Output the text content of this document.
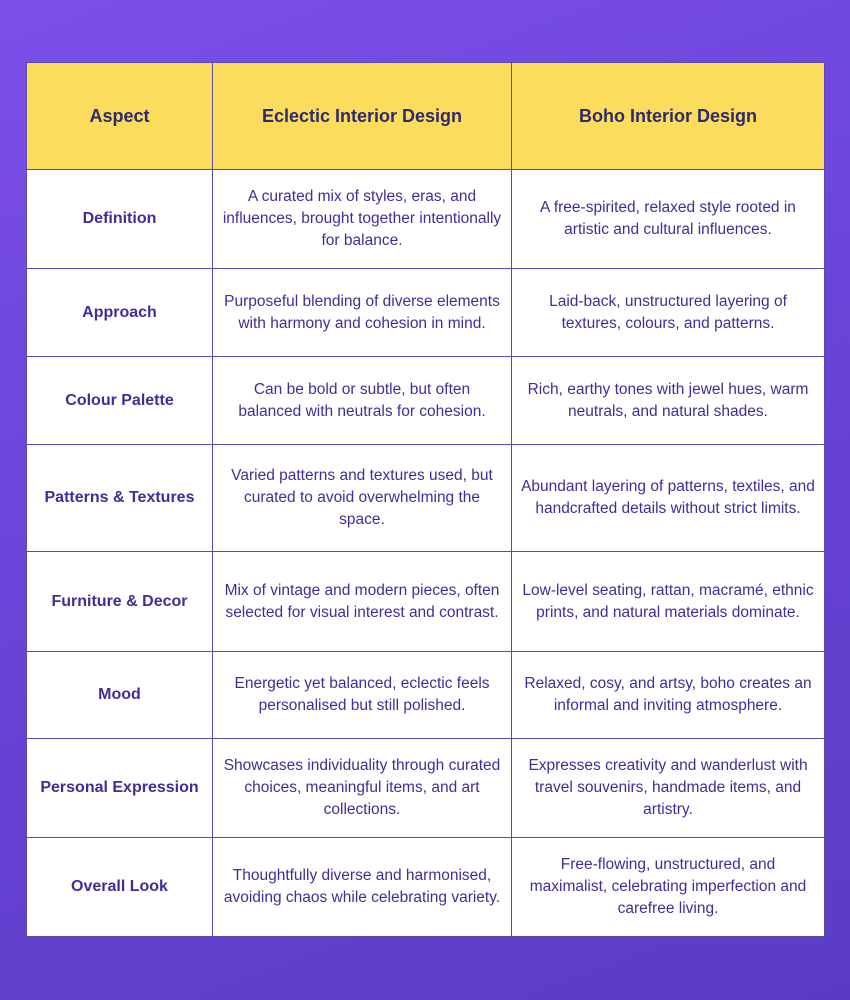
Aspect	Eclectic Interior Design	Boho Interior Design
Definition	A curated mix of styles, eras, and influences, brought together intentionally for balance.	A free-spirited, relaxed style rooted in artistic and cultural influences.
Approach	Purposeful blending of diverse elements with harmony and cohesion in mind.	Laid-back, unstructured layering of textures, colours, and patterns.
Colour Palette	Can be bold or subtle, but often balanced with neutrals for cohesion.	Rich, earthy tones with jewel hues, warm neutrals, and natural shades.
Patterns & Textures	Varied patterns and textures used, but curated to avoid overwhelming the space.	Abundant layering of patterns, textiles, and handcrafted details without strict limits.
Furniture & Decor	Mix of vintage and modern pieces, often selected for visual interest and contrast.	Low-level seating, rattan, macramé, ethnic prints, and natural materials dominate.
Mood	Energetic yet balanced, eclectic feels personalised but still polished.	Relaxed, cosy, and artsy, boho creates an informal and inviting atmosphere.
Personal Expression	Showcases individuality through curated choices, meaningful items, and art collections.	Expresses creativity and wanderlust with travel souvenirs, handmade items, and artistry.
Overall Look	Thoughtfully diverse and harmonised, avoiding chaos while celebrating variety.	Free-flowing, unstructured, and maximalist, celebrating imperfection and carefree living.
